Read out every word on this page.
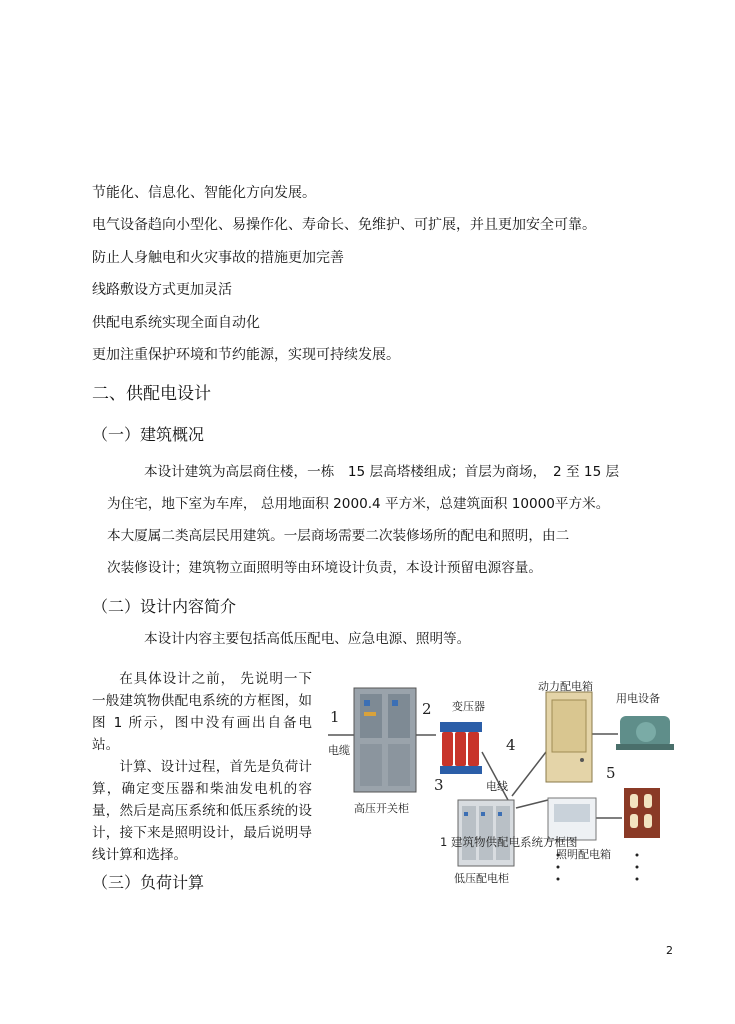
节能化、信息化、智能化方向发展。
电气设备趋向小型化、易操作化、寿命长、免维护、可扩展，并且更加安全可靠。
防止人身触电和火灾事故的措施更加完善
线路敷设方式更加灵活
供配电系统实现全面自动化
更加注重保护环境和节约能源，实现可持续发展。
二、供配电设计
（一）建筑概况
本设计建筑为高层商住楼，一栋　15 层高塔楼组成；首层为商场，　2 至 15 层
为住宅，地下室为车库， 总用地面积 2000.4 平方米，总建筑面积 10000平方米。
本大厦属二类高层民用建筑。一层商场需要二次装修场所的配电和照明，由二
次装修设计；建筑物立面照明等由环境设计负责，本设计预留电源容量。
（二）设计内容简介
本设计内容主要包括高低压配电、应急电源、照明等。

在具体设计之前， 先说明一下一般建筑物供配电系统的方框图，如图 1 所示，图中没有画出自备电站。

计算、设计过程，首先是负荷计算，确定变压器和柴油发电机的容量，然后是高压系统和低压系统的设计，接下来是照明设计，最后说明导线计算和选择。

（三）负荷计算
1	2
3
4
5
电缆
高压开关柜
变压器
电线
动力配电箱
用电设备
照明配电箱
低压配电柜
1 建筑物供配电系统方框图
2
